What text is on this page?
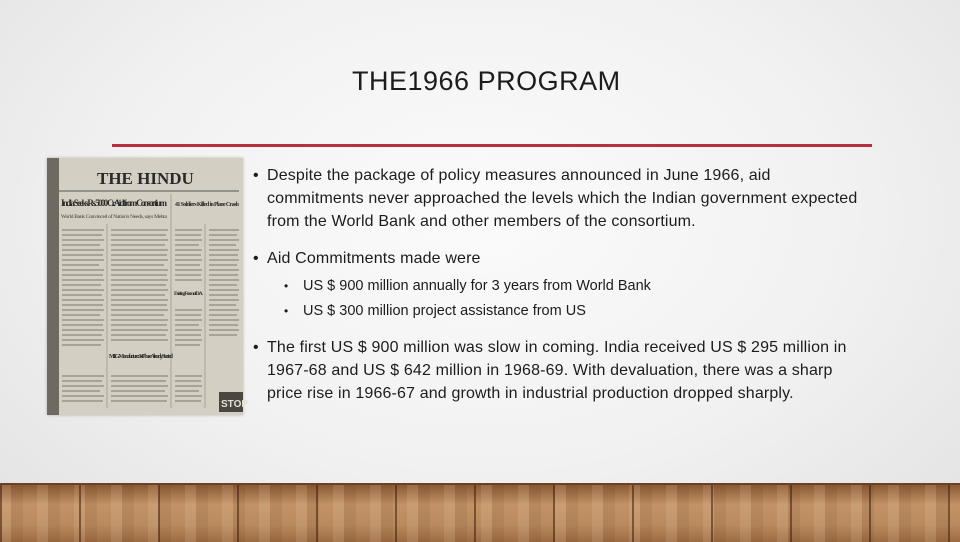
THE1966 PROGRAM
THE HINDU
India Seeks Rs. 5000 Cr. Aid from Consortium
World Bank Convinced of Nation's Needs, says Mehta
41 Soldiers Killed in Plane Crash
Existing Form of D.A.
M.I.G. Manufacture: 1st Phase Already Started
STOP
• Despite the package of policy measures announced in June 1966, aid commitments never approached the levels which the Indian government expected from the World Bank and other members of the consortium.
• Aid Commitments made were
• US $ 900 million annually for 3 years from World Bank
• US $ 300 million project assistance from US
• The first US $ 900 million was slow in coming. India received US $ 295 million in 1967-68 and US $ 642 million in 1968-69. With devaluation, there was a sharp price rise in 1966-67 and growth in industrial production dropped sharply.
